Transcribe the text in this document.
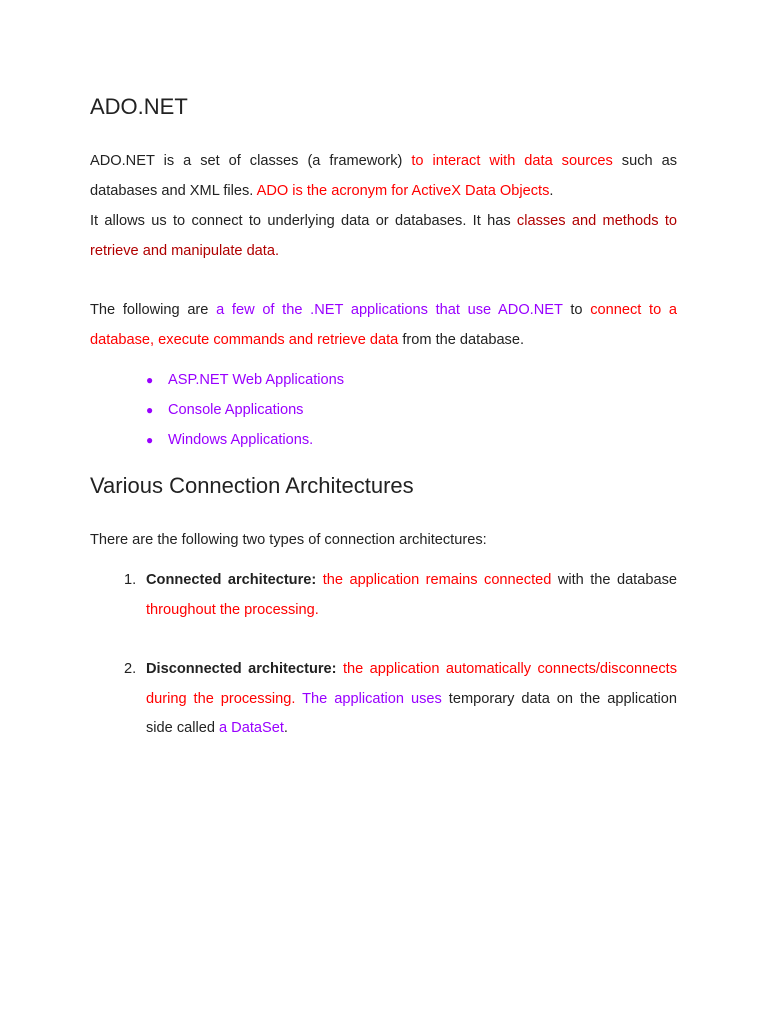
ADO.NET

ADO.NET is a set of classes (a framework) to interact with data sources such as databases and XML files. ADO is the acronym for ActiveX Data Objects.

It allows us to connect to underlying data or databases. It has classes and methods to retrieve and manipulate data.

The following are a few of the .NET applications that use ADO.NET to connect to a database, execute commands and retrieve data from the database.

● ASP.NET Web Applications
● Console Applications
● Windows Applications.
Various Connection Architectures

There are the following two types of connection architectures:

1. Connected architecture: the application remains connected with the database throughout the processing.

2. Disconnected architecture: the application automatically connects/disconnects during the processing. The application uses temporary data on the application side called a DataSet.
